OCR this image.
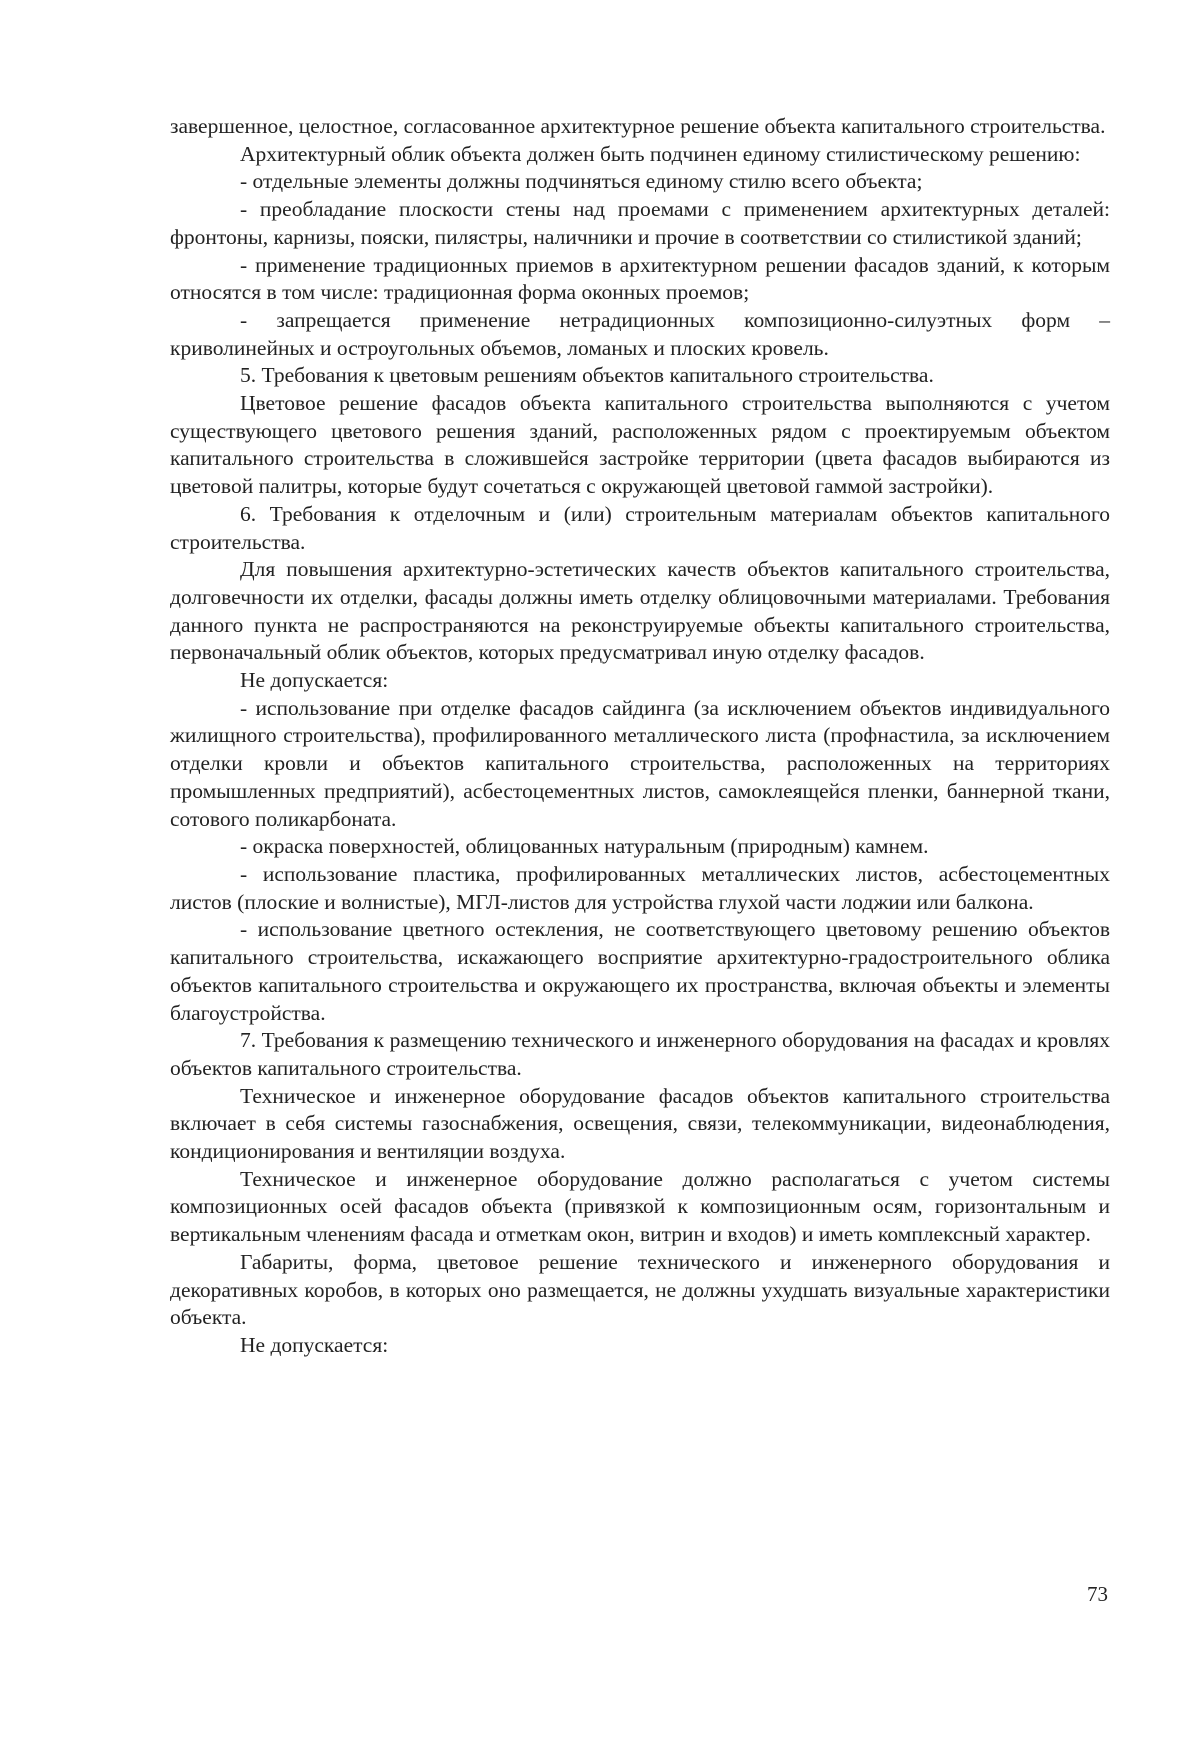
завершенное, целостное, согласованное архитектурное решение объекта капитального строительства.

Архитектурный облик объекта должен быть подчинен единому стилистическому решению:

- отдельные элементы должны подчиняться единому стилю всего объекта;

- преобладание плоскости стены над проемами с применением архитектурных деталей: фронтоны, карнизы, пояски, пилястры, наличники и прочие в соответствии со стилистикой зданий;

- применение традиционных приемов в архитектурном решении фасадов зданий, к которым относятся в том числе: традиционная форма оконных проемов;

- запрещается применение нетрадиционных композиционно-силуэтных форм – криволинейных и остроугольных объемов, ломаных и плоских кровель.

5. Требования к цветовым решениям объектов капитального строительства.

Цветовое решение фасадов объекта капитального строительства выполняются с учетом существующего цветового решения зданий, расположенных рядом с проектируемым объектом капитального строительства в сложившейся застройке территории (цвета фасадов выбираются из цветовой палитры, которые будут сочетаться с окружающей цветовой гаммой застройки).

6. Требования к отделочным и (или) строительным материалам объектов капитального строительства.

Для повышения архитектурно-эстетических качеств объектов капитального строительства, долговечности их отделки, фасады должны иметь отделку облицовочными материалами. Требования данного пункта не распространяются на реконструируемые объекты капитального строительства, первоначальный облик объектов, которых предусматривал иную отделку фасадов.

Не допускается:

- использование при отделке фасадов сайдинга (за исключением объектов индивидуального жилищного строительства), профилированного металлического листа (профнастила, за исключением отделки кровли и объектов капитального строительства, расположенных на территориях промышленных предприятий), асбестоцементных листов, самоклеящейся пленки, баннерной ткани, сотового поликарбоната.

- окраска поверхностей, облицованных натуральным (природным) камнем.

- использование пластика, профилированных металлических листов, асбестоцементных листов (плоские и волнистые), МГЛ-листов для устройства глухой части лоджии или балкона.

- использование цветного остекления, не соответствующего цветовому решению объектов капитального строительства, искажающего восприятие архитектурно-градостроительного облика объектов капитального строительства и окружающего их пространства, включая объекты и элементы благоустройства.

7. Требования к размещению технического и инженерного оборудования на фасадах и кровлях объектов капитального строительства.

Техническое и инженерное оборудование фасадов объектов капитального строительства включает в себя системы газоснабжения, освещения, связи, телекоммуникации, видеонаблюдения, кондиционирования и вентиляции воздуха.

Техническое и инженерное оборудование должно располагаться с учетом системы композиционных осей фасадов объекта (привязкой к композиционным осям, горизонтальным и вертикальным членениям фасада и отметкам окон, витрин и входов) и иметь комплексный характер.

Габариты, форма, цветовое решение технического и инженерного оборудования и декоративных коробов, в которых оно размещается, не должны ухудшать визуальные характеристики объекта.

Не допускается:

73
